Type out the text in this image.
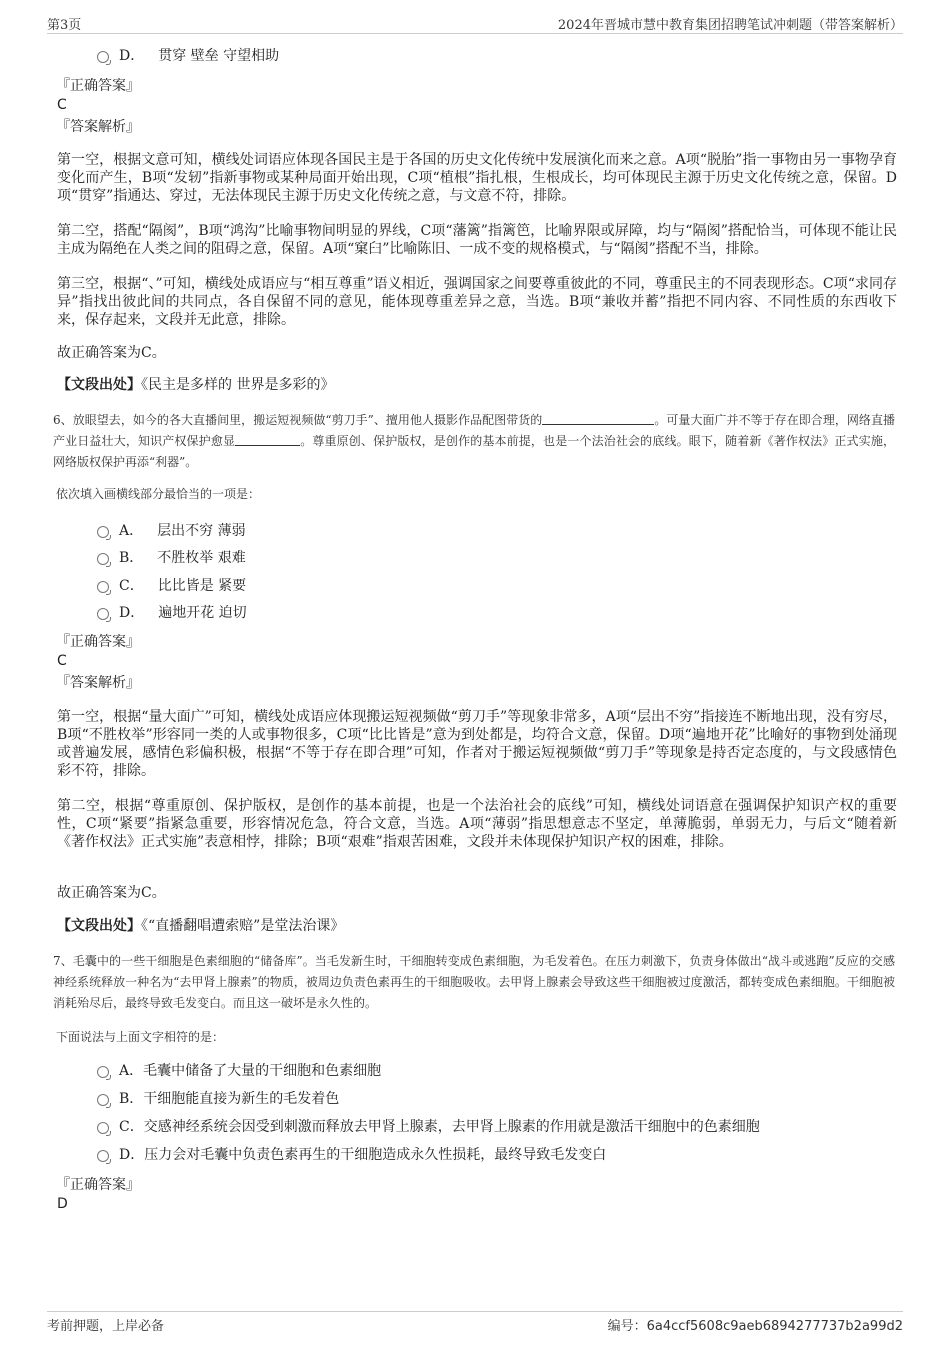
第3页	2024年晋城市慧中教育集团招聘笔试冲刺题（带答案解析）
D． 贯穿 壁垒 守望相助
『正确答案』
C
『答案解析』
第一空，根据文意可知，横线处词语应体现各国民主是于各国的历史文化传统中发展演化而来之意。A项“脱胎”指一事物由另一事物孕育变化而产生，B项“发轫”指新事物或某种局面开始出现，C项“植根”指扎根，生根成长，均可体现民主源于历史文化传统之意，保留。D项“贯穿”指通达、穿过，无法体现民主源于历史文化传统之意，与文意不符，排除。
第二空，搭配“隔阂”，B项“鸿沟”比喻事物间明显的界线，C项“藩篱”指篱笆，比喻界限或屏障，均与“隔阂”搭配恰当，可体现不能让民主成为隔绝在人类之间的阻碍之意，保留。A项“窠臼”比喻陈旧、一成不变的规格模式，与“隔阂”搭配不当，排除。
第三空，根据“、”可知，横线处成语应与“相互尊重”语义相近，强调国家之间要尊重彼此的不同，尊重民主的不同表现形态。C项“求同存异”指找出彼此间的共同点，各自保留不同的意见，能体现尊重差异之意，当选。B项“兼收并蓄”指把不同内容、不同性质的东西收下来，保存起来，文段并无此意，排除。
故正确答案为C。
【文段出处】《民主是多样的 世界是多彩的》
6、放眼望去，如今的各大直播间里，搬运短视频做“剪刀手”、擅用他人摄影作品配图带货的	。可量大面广并不等于存在即合理，网络直播产业日益壮大，知识产权保护愈显	。尊重原创、保护版权，是创作的基本前提，也是一个法治社会的底线。眼下，随着新《著作权法》正式实施，网络版权保护再添“利器”。
依次填入画横线部分最恰当的一项是：
A． 层出不穷 薄弱
B． 不胜枚举 艰难
C． 比比皆是 紧要
D． 遍地开花 迫切
『正确答案』
C
『答案解析』
第一空，根据“量大面广”可知，横线处成语应体现搬运短视频做“剪刀手”等现象非常多，A项“层出不穷”指接连不断地出现，没有穷尽，B项“不胜枚举”形容同一类的人或事物很多，C项“比比皆是”意为到处都是，均符合文意，保留。D项“遍地开花”比喻好的事物到处涌现或普遍发展，感情色彩偏积极，根据“不等于存在即合理”可知，作者对于搬运短视频做“剪刀手”等现象是持否定态度的，与文段感情色彩不符，排除。
第二空，根据“尊重原创、保护版权，是创作的基本前提，也是一个法治社会的底线”可知，横线处词语意在强调保护知识产权的重要性，C项“紧要”指紧急重要，形容情况危急，符合文意，当选。A项“薄弱”指思想意志不坚定，单薄脆弱，单弱无力，与后文“随着新《著作权法》正式实施”表意相悖，排除；B项“艰难”指艰苦困难，文段并未体现保护知识产权的困难，排除。
故正确答案为C。
【文段出处】《“直播翻唱遭索赔”是堂法治课》
7、毛囊中的一些干细胞是色素细胞的“储备库”。当毛发新生时，干细胞转变成色素细胞，为毛发着色。在压力刺激下，负责身体做出“战斗或逃跑”反应的交感神经系统释放一种名为“去甲肾上腺素”的物质，被周边负责色素再生的干细胞吸收。去甲肾上腺素会导致这些干细胞被过度激活，都转变成色素细胞。干细胞被消耗殆尽后，最终导致毛发变白。而且这一破坏是永久性的。
下面说法与上面文字相符的是：
A．毛囊中储备了大量的干细胞和色素细胞
B．干细胞能直接为新生的毛发着色
C．交感神经系统会因受到刺激而释放去甲肾上腺素，去甲肾上腺素的作用就是激活干细胞中的色素细胞
D．压力会对毛囊中负责色素再生的干细胞造成永久性损耗，最终导致毛发变白
『正确答案』
D
考前押题，上岸必备	编号：6a4ccf5608c9aeb6894277737b2a99d2
